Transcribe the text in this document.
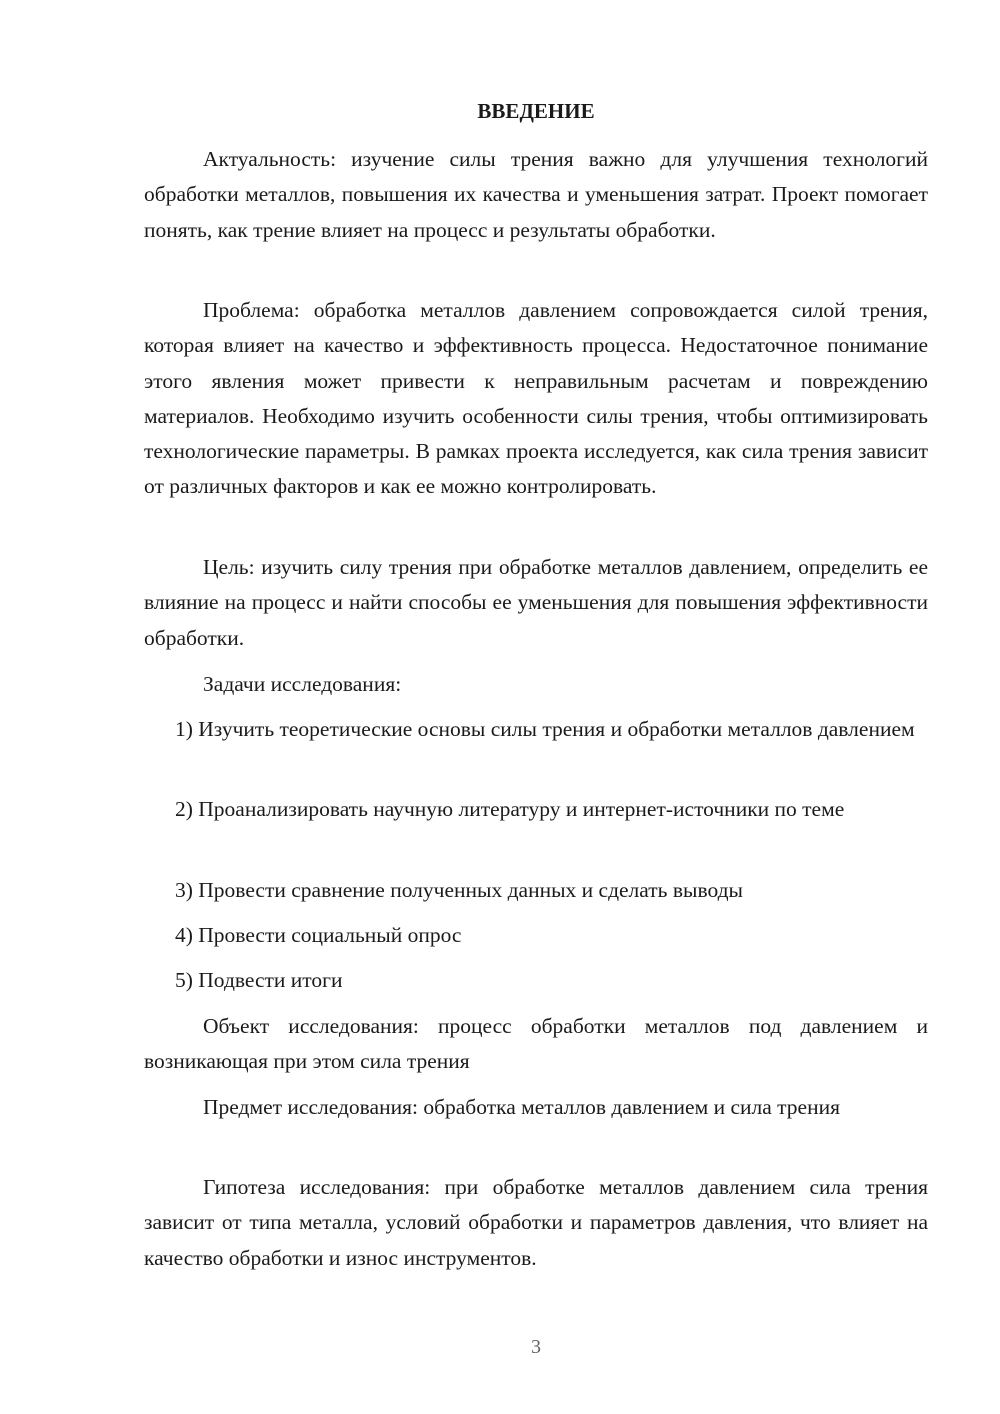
ВВЕДЕНИЕ

Актуальность: изучение силы трения важно для улучшения технологий обработки металлов, повышения их качества и уменьшения затрат. Проект помогает понять, как трение влияет на процесс и результаты обработки.

Проблема: обработка металлов давлением сопровождается силой трения, которая влияет на качество и эффективность процесса. Недостаточное понимание этого явления может привести к неправильным расчетам и повреждению материалов. Необходимо изучить особенности силы трения, чтобы оптимизировать технологические параметры. В рамках проекта исследуется, как сила трения зависит от различных факторов и как ее можно контролировать.

Цель: изучить силу трения при обработке металлов давлением, определить ее влияние на процесс и найти способы ее уменьшения для повышения эффективности обработки.

Задачи исследования:

1) Изучить теоретические основы силы трения и обработки металлов давлением

2) Проанализировать научную литературу и интернет-источники по теме

3) Провести сравнение полученных данных и сделать выводы

4) Провести социальный опрос

5) Подвести итоги

Объект исследования: процесс обработки металлов под давлением и возникающая при этом сила трения

Предмет исследования: обработка металлов давлением и сила трения

Гипотеза исследования: при обработке металлов давлением сила трения зависит от типа металла, условий обработки и параметров давления, что влияет на качество обработки и износ инструментов.

3
